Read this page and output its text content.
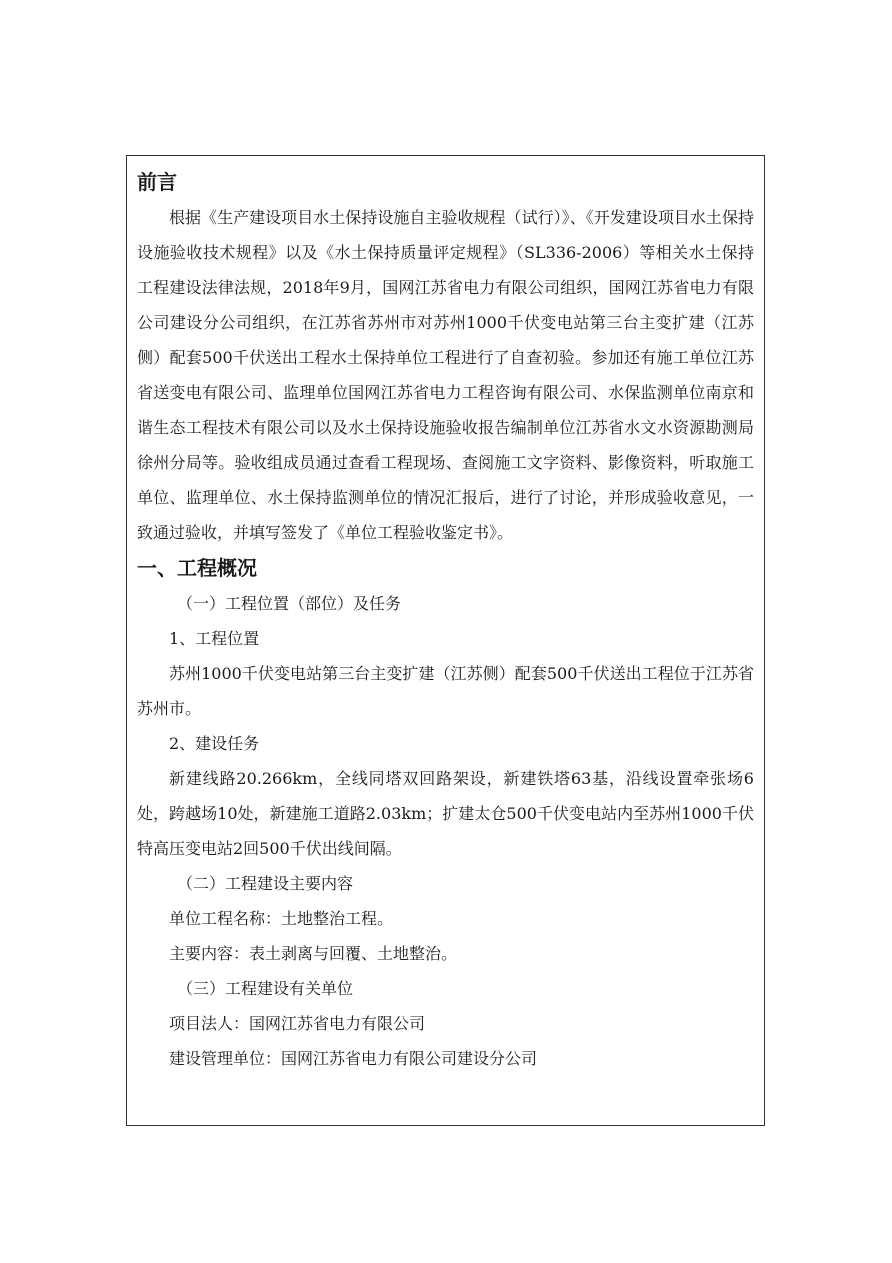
前言

根据《生产建设项目水土保持设施自主验收规程（试行）》、《开发建设项目水土保持设施验收技术规程》以及《水土保持质量评定规程》（SL336-2006）等相关水土保持工程建设法律法规，2018年9月，国网江苏省电力有限公司组织，国网江苏省电力有限公司建设分公司组织，在江苏省苏州市对苏州1000千伏变电站第三台主变扩建（江苏侧）配套500千伏送出工程水土保持单位工程进行了自查初验。参加还有施工单位江苏省送变电有限公司、监理单位国网江苏省电力工程咨询有限公司、水保监测单位南京和谐生态工程技术有限公司以及水土保持设施验收报告编制单位江苏省水文水资源勘测局徐州分局等。验收组成员通过查看工程现场、查阅施工文字资料、影像资料，听取施工单位、监理单位、水土保持监测单位的情况汇报后，进行了讨论，并形成验收意见，一致通过验收，并填写签发了《单位工程验收鉴定书》。

一、工程概况

（一）工程位置（部位）及任务

1、工程位置

苏州1000千伏变电站第三台主变扩建（江苏侧）配套500千伏送出工程位于江苏省苏州市。

2、建设任务

新建线路20.266km，全线同塔双回路架设，新建铁塔63基，沿线设置牵张场6处，跨越场10处，新建施工道路2.03km；扩建太仓500千伏变电站内至苏州1000千伏特高压变电站2回500千伏出线间隔。

（二）工程建设主要内容

单位工程名称：土地整治工程。

主要内容：表土剥离与回覆、土地整治。

（三）工程建设有关单位

项目法人：国网江苏省电力有限公司

建设管理单位：国网江苏省电力有限公司建设分公司
